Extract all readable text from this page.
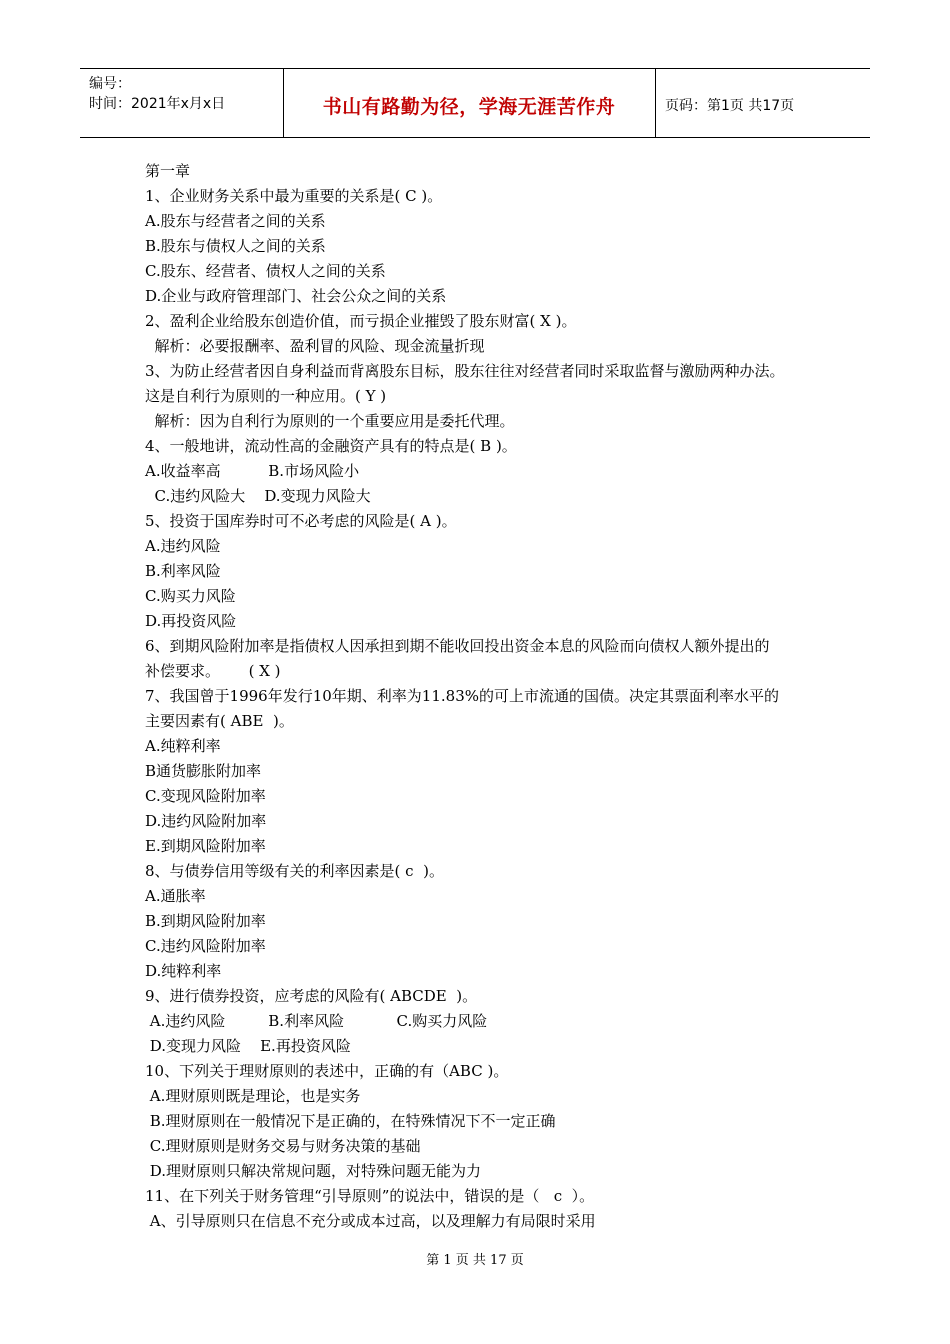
编号：
时间：2021年x月x日	书山有路勤为径，学海无涯苦作舟	页码：第1页 共17页
第一章
1、企业财务关系中最为重要的关系是( C )。
A.股东与经营者之间的关系
B.股东与债权人之间的关系
C.股东、经营者、债权人之间的关系
D.企业与政府管理部门、社会公众之间的关系
2、盈利企业给股东创造价值，而亏损企业摧毁了股东财富( X )。
解析：必要报酬率、盈利冒的风险、现金流量折现
3、为防止经营者因自身利益而背离股东目标，股东往往对经营者同时采取监督与激励两种办法。
这是自利行为原则的一种应用。( Y )
解析：因为自利行为原则的一个重要应用是委托代理。
4、一般地讲，流动性高的金融资产具有的特点是( B )。
A.收益率高          B.市场风险小
C.违约风险大    D.变现力风险大
5、投资于国库券时可不必考虑的风险是( A )。
A.违约风险
B.利率风险
C.购买力风险
D.再投资风险
6、到期风险附加率是指债权人因承担到期不能收回投出资金本息的风险而向债权人额外提出的
补偿要求。      ( X )
7、我国曾于1996年发行10年期、利率为11.83%的可上市流通的国债。决定其票面利率水平的
主要因素有( ABE  )。
A.纯粹利率
B通货膨胀附加率
C.变现风险附加率
D.违约风险附加率
E.到期风险附加率
8、与债券信用等级有关的利率因素是( c  )。
A.通胀率
B.到期风险附加率
C.违约风险附加率
D.纯粹利率
9、进行债券投资，应考虑的风险有( ABCDE  )。
A.违约风险         B.利率风险           C.购买力风险
D.变现力风险    E.再投资风险
10、下列关于理财原则的表述中，正确的有（ABC )。
A.理财原则既是理论，也是实务
B.理财原则在一般情况下是正确的，在特殊情况下不一定正确
C.理财原则是财务交易与财务决策的基础
D.理财原则只解决常规问题，对特殊问题无能为力
11、在下列关于财务管理“引导原则”的说法中，错误的是（   c  ）。
A、引导原则只在信息不充分或成本过高，以及理解力有局限时采用
第 1 页 共 17 页
